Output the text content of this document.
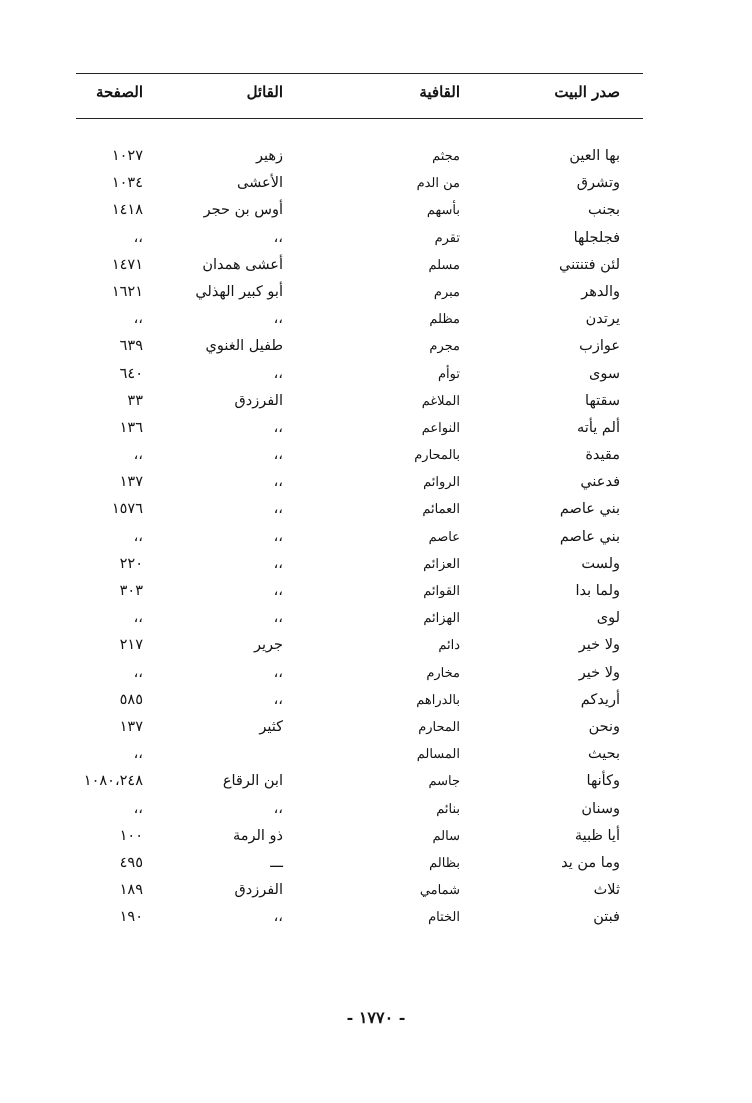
صدر البيت
القافية
القائل
الصفحة
بها العين
مجثم
زهير
١٠٢٧
وتشرق
من الدم
الأعشى
١٠٣٤
بجنب
بأسهم
أوس بن حجر
١٤١٨
فجلجلها
تقرم
،،
،،
لئن فتنتني
مسلم
أعشى همدان
١٤٧١
والدهر
مبرم
أبو كبير الهذلي
١٦٢١
يرتدن
مظلم
،،
،،
عوازب
مجرم
طفيل الغنوي
٦٣٩
سوى
توأم
،،
٦٤٠
سقتها
الملاغم
الفرزدق
٣٣
ألم يأته
النواعم
،،
١٣٦
مقيدة
بالمحارم
،،
،،
فدعني
الروائم
،،
١٣٧
بني عاصم
العمائم
،،
١٥٧٦
بني عاصم
عاصم
،،
،،
ولست
العزائم
،،
٢٢٠
ولما بدا
القوائم
،،
٣٠٣
لوى
الهزائم
،،
،،
ولا خير
دائم
جرير
٢١٧
ولا خير
مخارم
،،
،،
أريدكم
بالدراهم
،،
٥٨٥
ونحن
المحارم
كثير
١٣٧
بحيث
المسالم
،،
وكأنها
جاسم
ابن الرقاع
١٠٨٠،٢٤٨
وسنان
بنائم
،،
،،
أيا ظبية
سالم
ذو الرمة
١٠٠
وما من يد
بظالم
ـــ
٤٩٥
ثلاث
شمامي
الفرزدق
١٨٩
فبتن
الختام
،،
١٩٠
- ١٧٧٠ -
